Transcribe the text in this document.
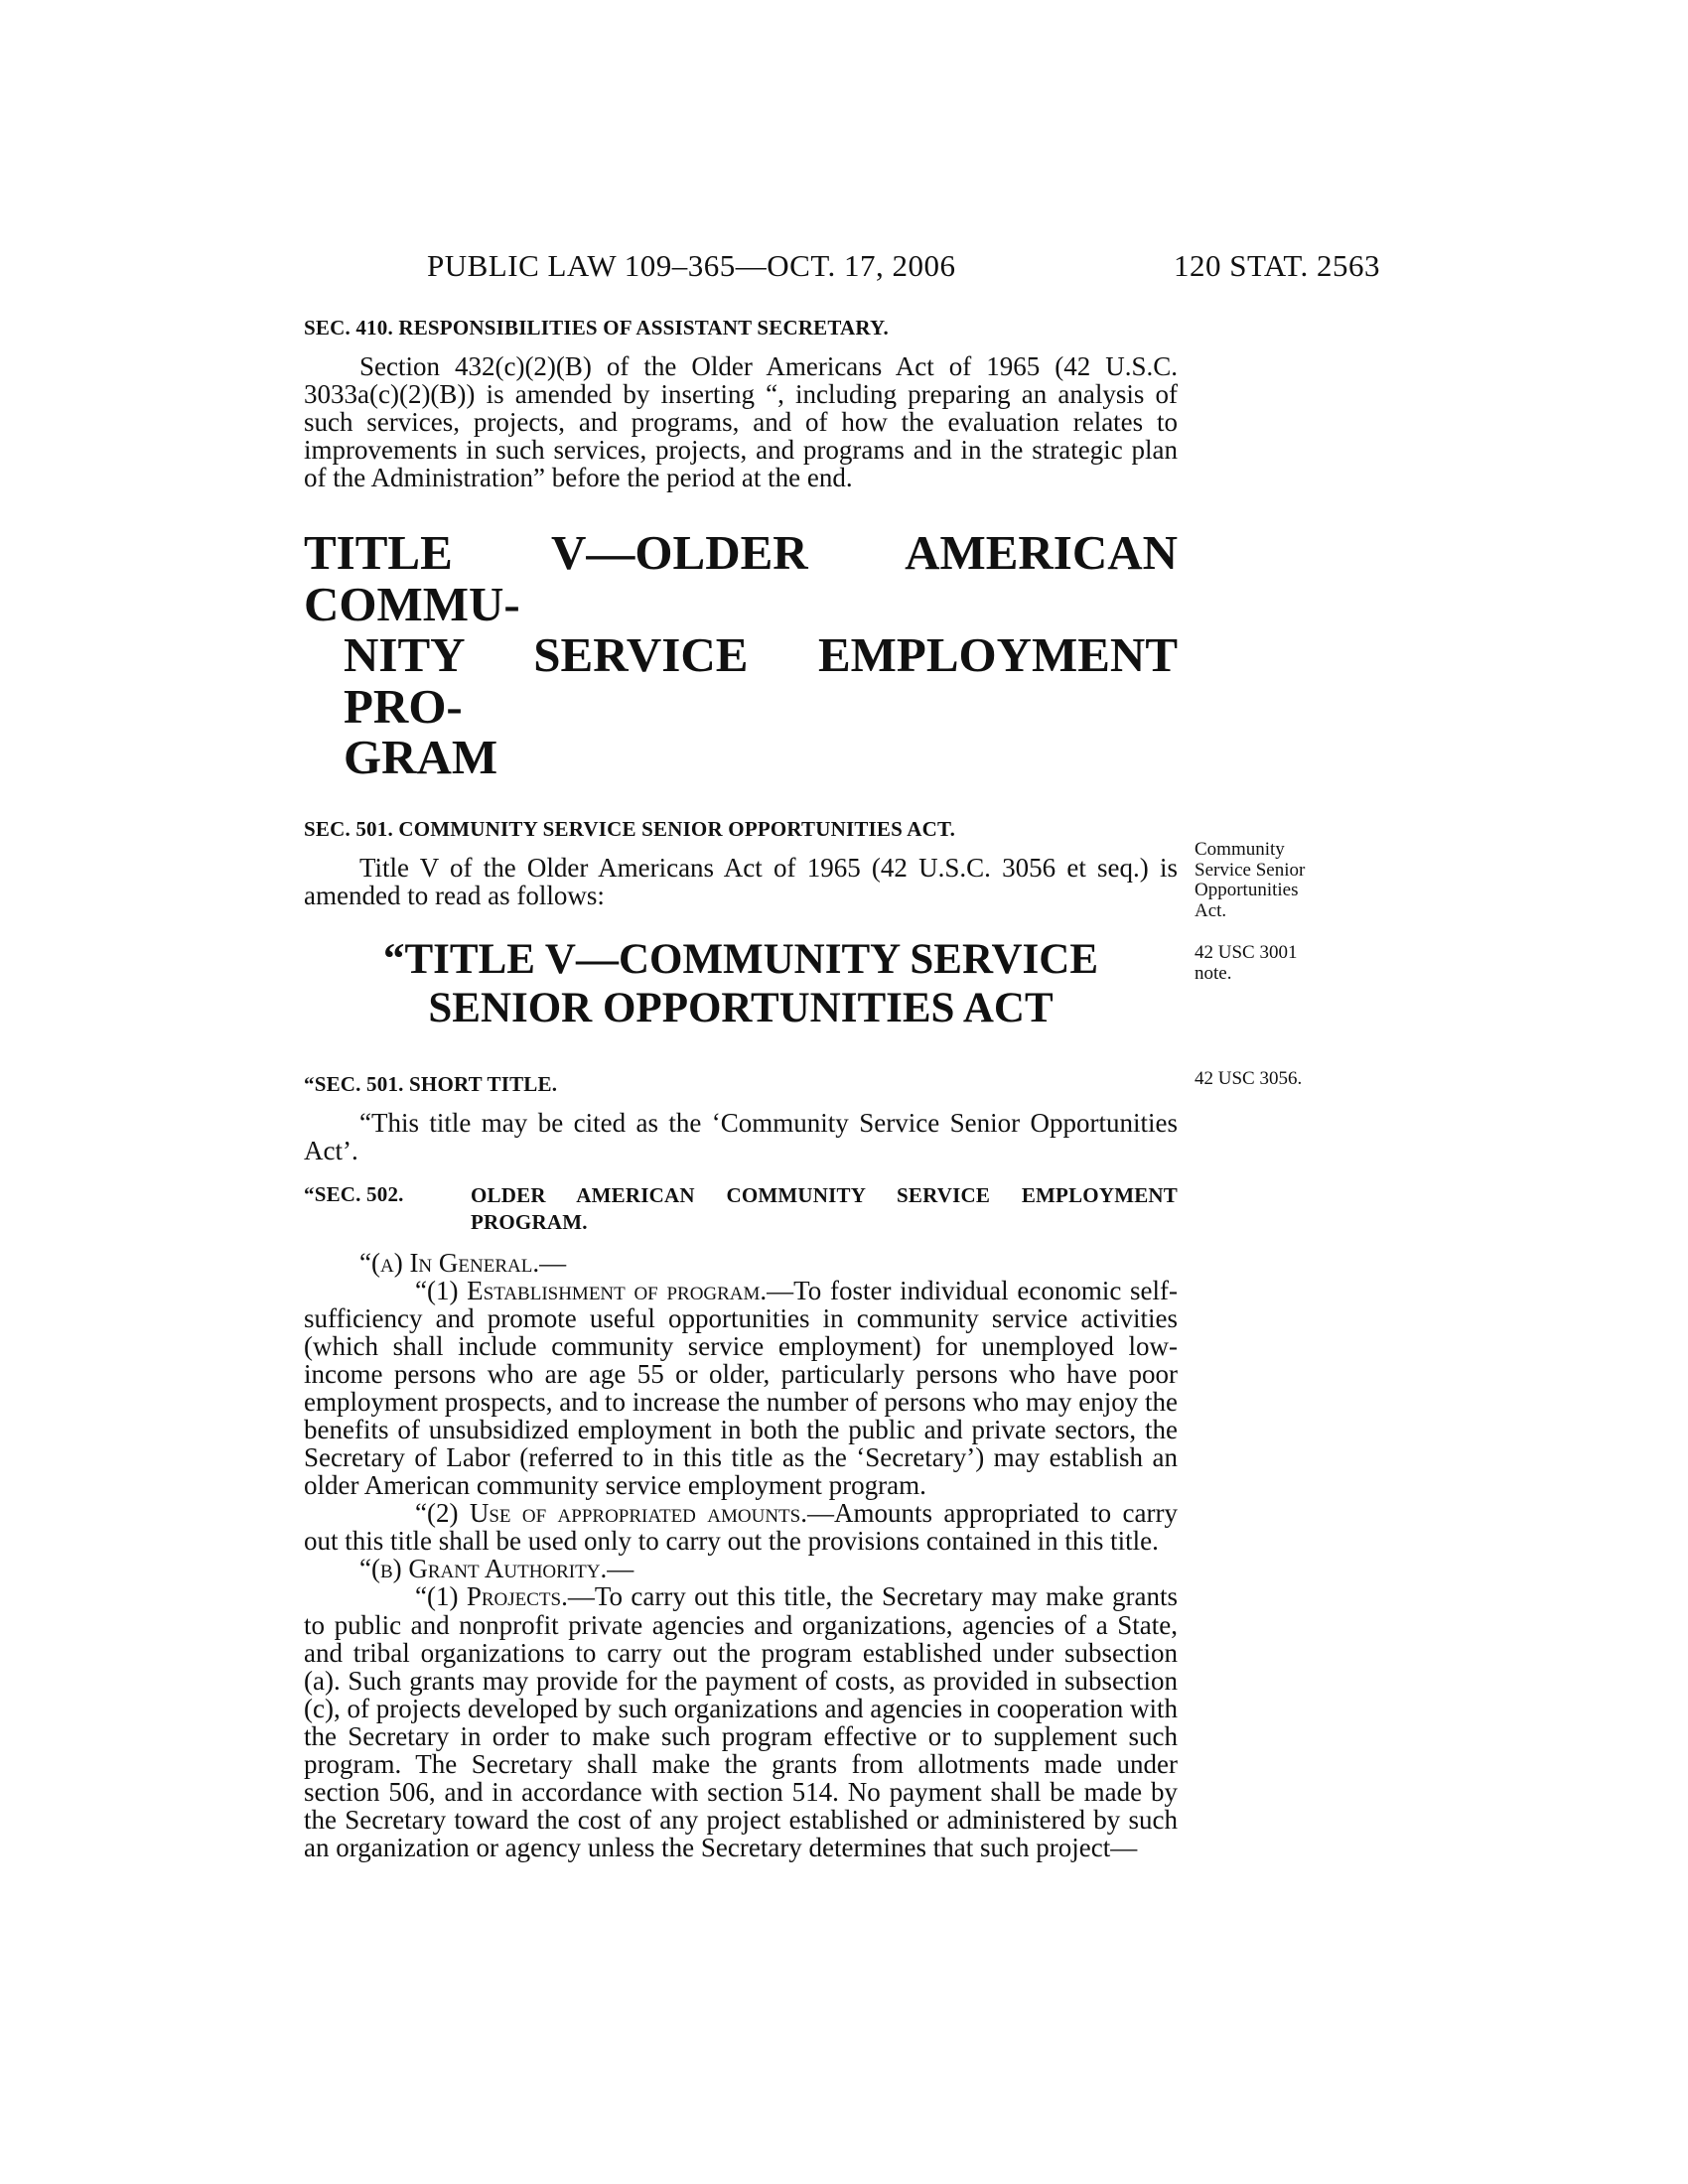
PUBLIC LAW 109–365—OCT. 17, 2006	120 STAT. 2563
SEC. 410. RESPONSIBILITIES OF ASSISTANT SECRETARY.

Section 432(c)(2)(B) of the Older Americans Act of 1965 (42 U.S.C. 3033a(c)(2)(B)) is amended by inserting “, including preparing an analysis of such services, projects, and programs, and of how the evaluation relates to improvements in such services, projects, and programs and in the strategic plan of the Administration” before the period at the end.

TITLE V—OLDER AMERICAN COMMU-
NITY SERVICE EMPLOYMENT PRO-
GRAM
SEC. 501. COMMUNITY SERVICE SENIOR OPPORTUNITIES ACT.

Title V of the Older Americans Act of 1965 (42 U.S.C. 3056 et seq.) is amended to read as follows:

“TITLE V—COMMUNITY SERVICE
SENIOR OPPORTUNITIES ACT
“SEC. 501. SHORT TITLE.

“This title may be cited as the ‘Community Service Senior Opportunities Act’.

“SEC. 502.	OLDER AMERICAN COMMUNITY SERVICE EMPLOYMENT PROGRAM.

“(a) In General.—

“(1) Establishment of program.—To foster individual economic self-sufficiency and promote useful opportunities in community service activities (which shall include community service employment) for unemployed low-income persons who are age 55 or older, particularly persons who have poor employment prospects, and to increase the number of persons who may enjoy the benefits of unsubsidized employment in both the public and private sectors, the Secretary of Labor (referred to in this title as the ‘Secretary’) may establish an older American community service employment program.

“(2) Use of appropriated amounts.—Amounts appropriated to carry out this title shall be used only to carry out the provisions contained in this title.

“(b) Grant Authority.—

“(1) Projects.—To carry out this title, the Secretary may make grants to public and nonprofit private agencies and organizations, agencies of a State, and tribal organizations to carry out the program established under subsection (a). Such grants may provide for the payment of costs, as provided in subsection (c), of projects developed by such organizations and agencies in cooperation with the Secretary in order to make such program effective or to supplement such program. The Secretary shall make the grants from allotments made under section 506, and in accordance with section 514. No payment shall be made by the Secretary toward the cost of any project established or administered by such an organization or agency unless the Secretary determines that such project—

Community Service Senior Opportunities Act.
42 USC 3001 note.
42 USC 3056.
